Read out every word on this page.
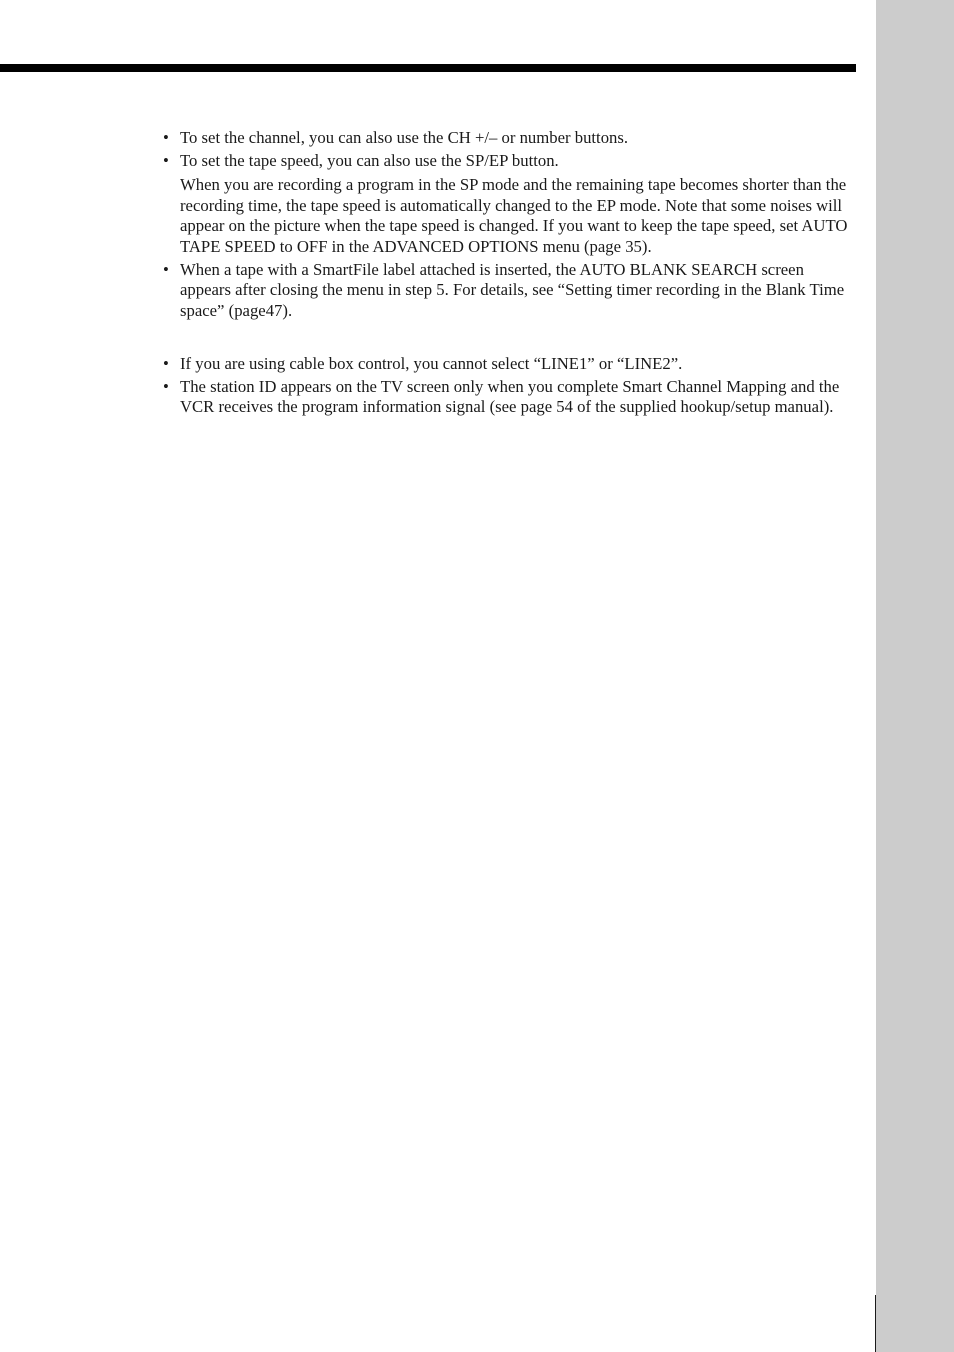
• To set the channel, you can also use the CH +/– or number buttons.

• To set the tape speed, you can also use the SP/EP button.

When you are recording a program in the SP mode and the remaining tape becomes shorter than the recording time, the tape speed is automatically changed to the EP mode. Note that some noises will appear on the picture when the tape speed is changed. If you want to keep the tape speed, set AUTO TAPE SPEED to OFF in the ADVANCED OPTIONS menu (page 35).

• When a tape with a SmartFile label attached is inserted, the AUTO BLANK SEARCH screen appears after closing the menu in step 5. For details, see “Setting timer recording in the Blank Time space” (page47).

• If you are using cable box control, you cannot select “LINE1” or “LINE2”.

• The station ID appears on the TV screen only when you complete Smart Channel Mapping and the VCR receives the program information signal (see page 54 of the supplied hookup/setup manual).
